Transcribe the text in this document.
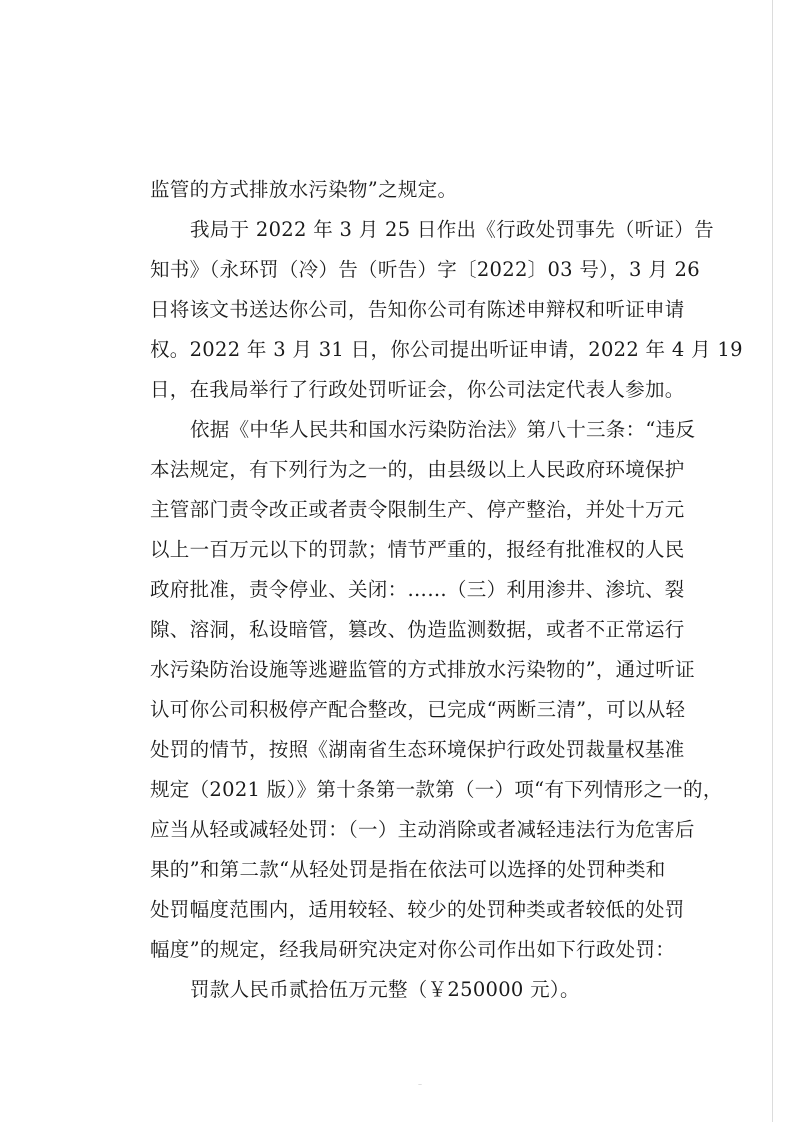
监管的方式排放水污染物”之规定。
我局于 2022 年 3 月 25 日作出《行政处罚事先（听证）告
知书》（永环罚（冷）告（听告）字〔2022〕03 号），3 月 26
日将该文书送达你公司，告知你公司有陈述申辩权和听证申请
权。2022 年 3 月 31 日，你公司提出听证申请，2022 年 4 月 19
日，在我局举行了行政处罚听证会，你公司法定代表人参加。
依据《中华人民共和国水污染防治法》第八十三条：“违反
本法规定，有下列行为之一的，由县级以上人民政府环境保护
主管部门责令改正或者责令限制生产、停产整治，并处十万元
以上一百万元以下的罚款；情节严重的，报经有批准权的人民
政府批准，责令停业、关闭：……（三）利用渗井、渗坑、裂
隙、溶洞，私设暗管，篡改、伪造监测数据，或者不正常运行
水污染防治设施等逃避监管的方式排放水污染物的”，通过听证
认可你公司积极停产配合整改，已完成“两断三清”，可以从轻
处罚的情节，按照《湖南省生态环境保护行政处罚裁量权基准
规定（2021 版）》第十条第一款第（一）项“有下列情形之一的，
应当从轻或减轻处罚：（一）主动消除或者减轻违法行为危害后
果的”和第二款“从轻处罚是指在依法可以选择的处罚种类和
处罚幅度范围内，适用较轻、较少的处罚种类或者较低的处罚
幅度”的规定，经我局研究决定对你公司作出如下行政处罚：
罚款人民币贰拾伍万元整（￥250000 元）。
··
